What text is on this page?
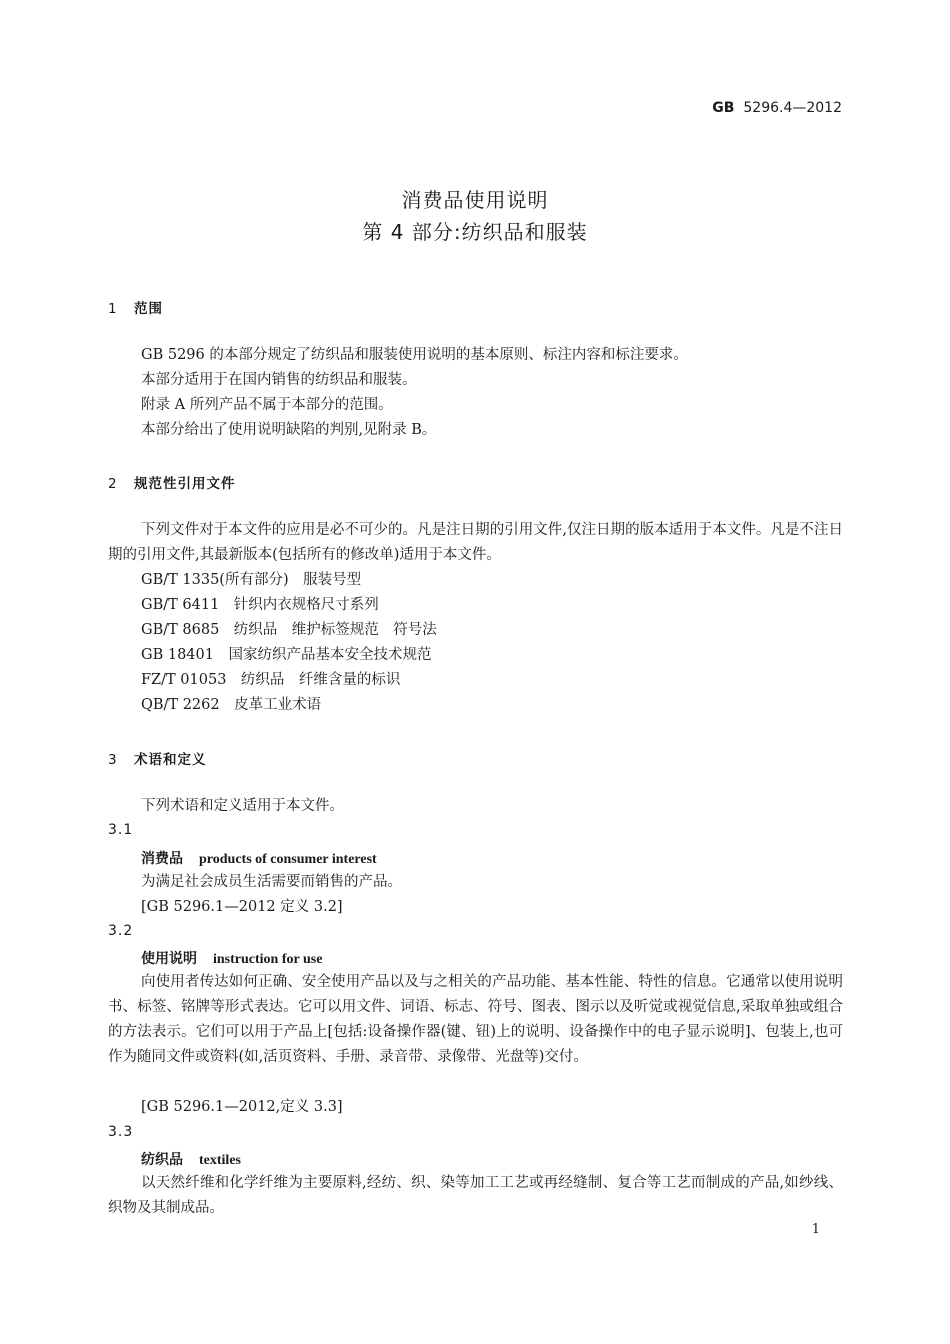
GB 5296.4—2012
消费品使用说明
第 4 部分:纺织品和服装
1 范围
GB 5296 的本部分规定了纺织品和服装使用说明的基本原则、标注内容和标注要求。
本部分适用于在国内销售的纺织品和服装。
附录 A 所列产品不属于本部分的范围。
本部分给出了使用说明缺陷的判别,见附录 B。
2 规范性引用文件
下列文件对于本文件的应用是必不可少的。凡是注日期的引用文件,仅注日期的版本适用于本文件。凡是不注日期的引用文件,其最新版本(包括所有的修改单)适用于本文件。
GB/T 1335(所有部分)　服装号型
GB/T 6411　针织内衣规格尺寸系列
GB/T 8685　纺织品　维护标签规范　符号法
GB 18401　国家纺织产品基本安全技术规范
FZ/T 01053　纺织品　纤维含量的标识
QB/T 2262　皮革工业术语
3 术语和定义
下列术语和定义适用于本文件。
3.1
消费品 products of consumer interest
为满足社会成员生活需要而销售的产品。
[GB 5296.1—2012 定义 3.2]
3.2
使用说明 instruction for use
向使用者传达如何正确、安全使用产品以及与之相关的产品功能、基本性能、特性的信息。它通常以使用说明书、标签、铭牌等形式表达。它可以用文件、词语、标志、符号、图表、图示以及听觉或视觉信息,采取单独或组合的方法表示。它们可以用于产品上[包括:设备操作器(键、钮)上的说明、设备操作中的电子显示说明]、包装上,也可作为随同文件或资料(如,活页资料、手册、录音带、录像带、光盘等)交付。
[GB 5296.1—2012,定义 3.3]
3.3
纺织品 textiles
以天然纤维和化学纤维为主要原料,经纺、织、染等加工工艺或再经缝制、复合等工艺而制成的产品,如纱线、织物及其制成品。
1
